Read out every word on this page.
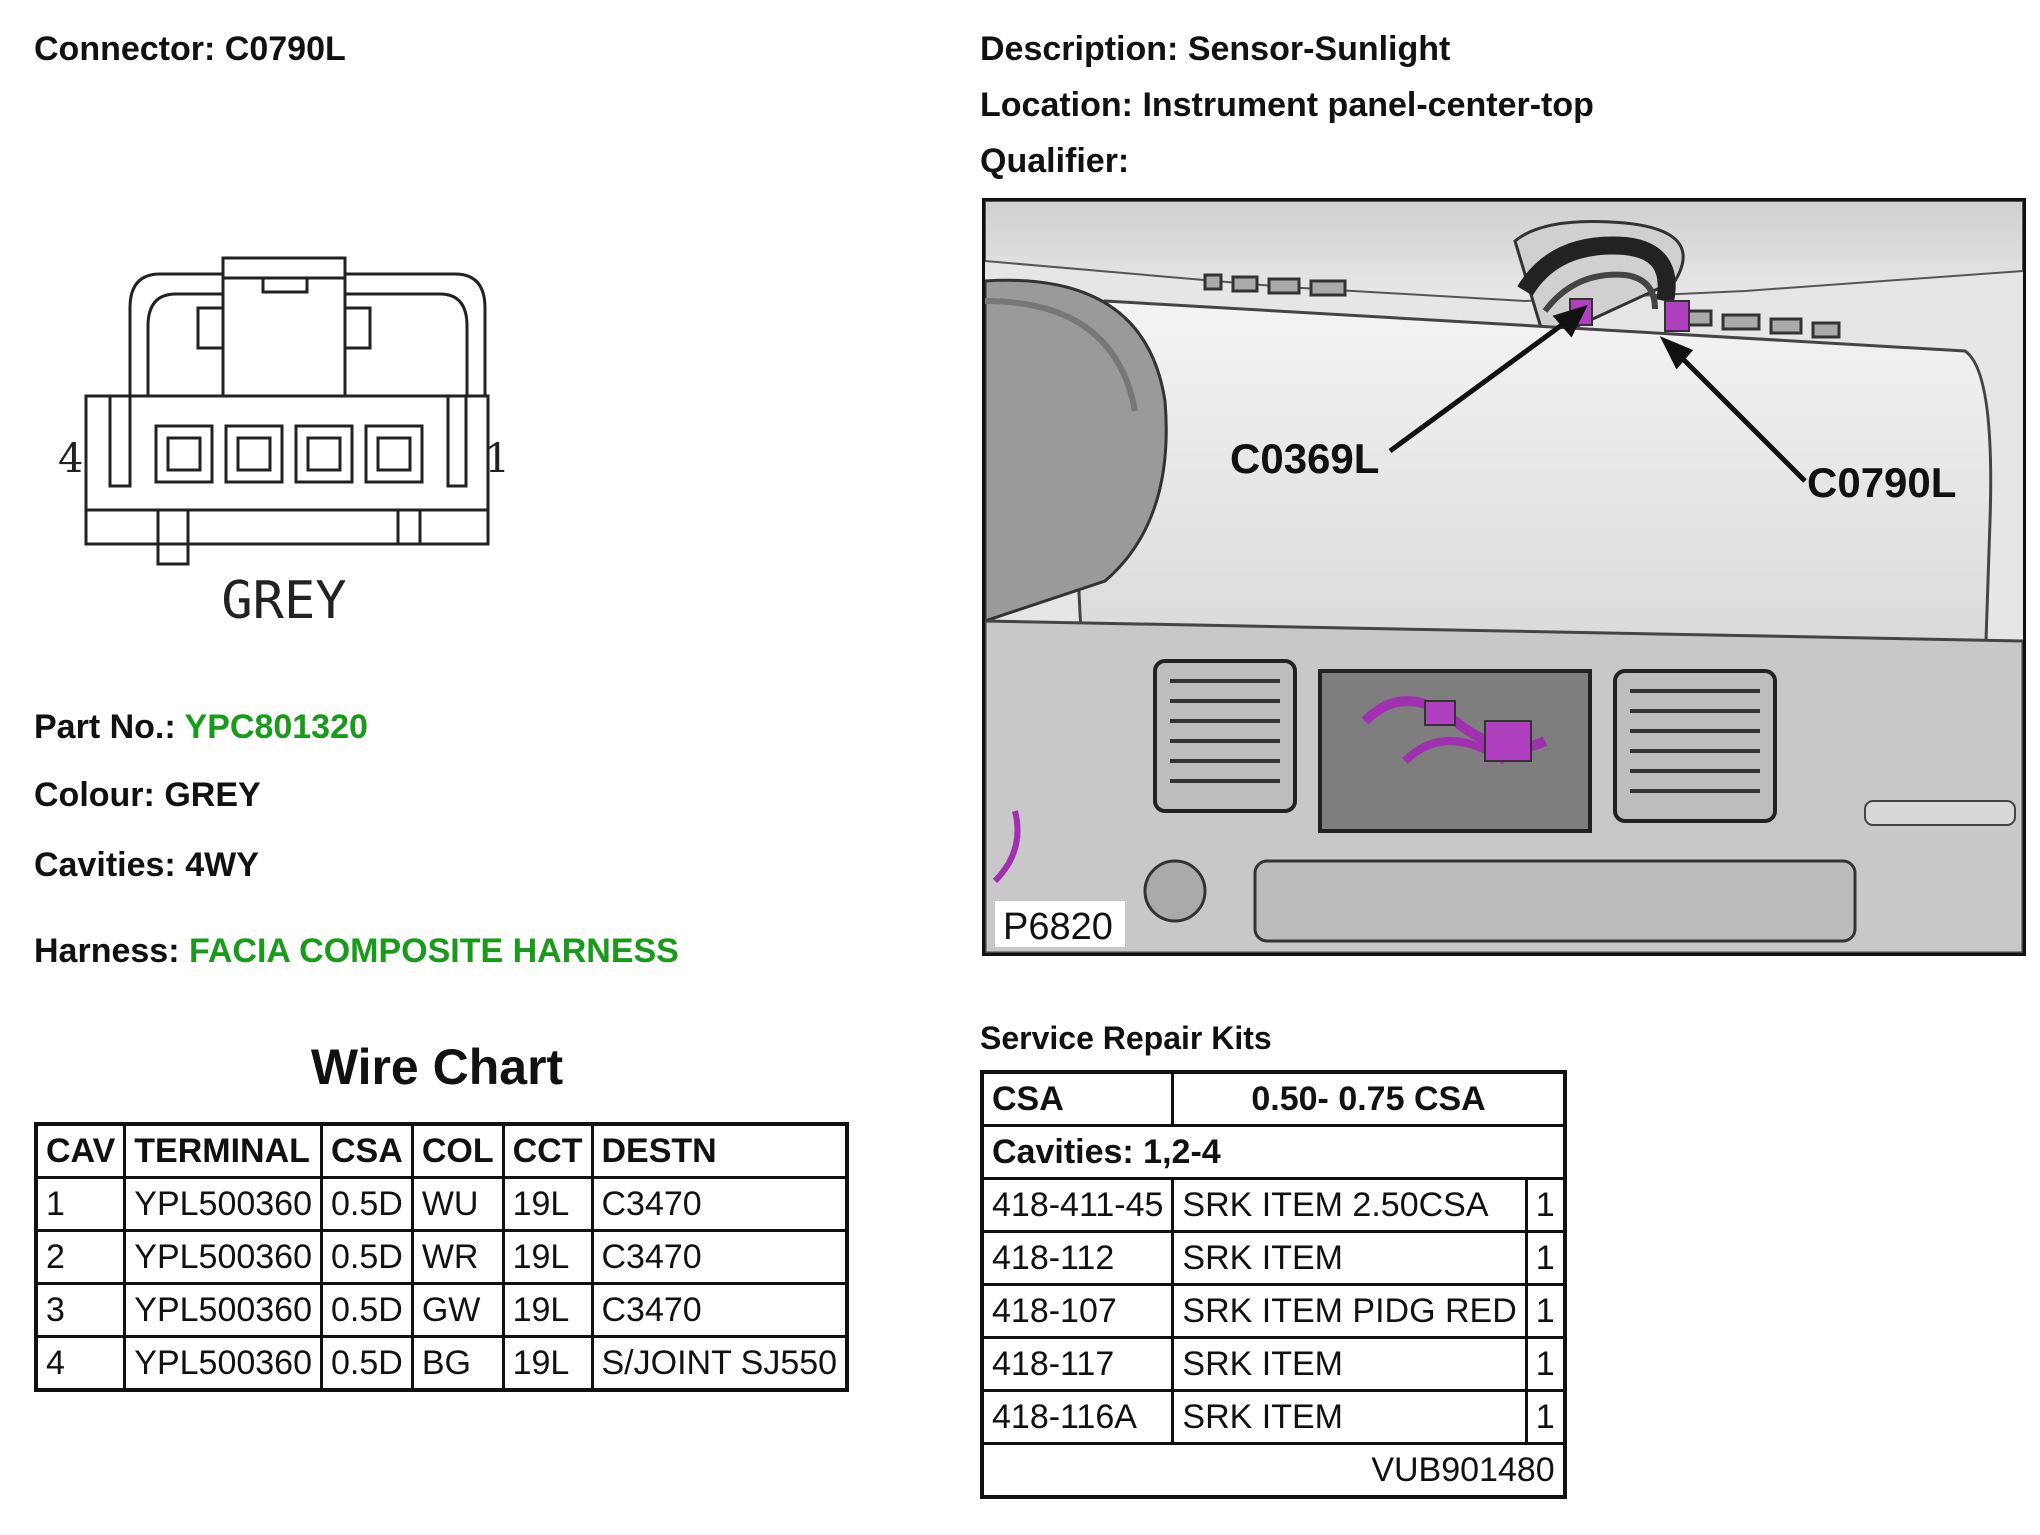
Connector: C0790L	Description: Sensor-Sunlight
Location: Instrument panel-center-top
Qualifier:
4	1
GREY
Part No.: YPC801320
Colour: GREY
Cavities: 4WY
Harness: FACIA COMPOSITE HARNESS
C0369L
C0790L
P6820
Wire Chart
CAV	TERMINAL	CSA	COL	CCT	DESTN
1	YPL500360	0.5D	WU	19L	C3470
2	YPL500360	0.5D	WR	19L	C3470
3	YPL500360	0.5D	GW	19L	C3470
4	YPL500360	0.5D	BG	19L	S/JOINT SJ550
Service Repair Kits
CSA	0.50- 0.75 CSA	
Cavities: 1,2-4		
418-411-45	SRK ITEM 2.50CSA	1
418-112	SRK ITEM	1
418-107	SRK ITEM PIDG RED	1
418-117	SRK ITEM	1
418-116A	SRK ITEM	1
VUB901480		
